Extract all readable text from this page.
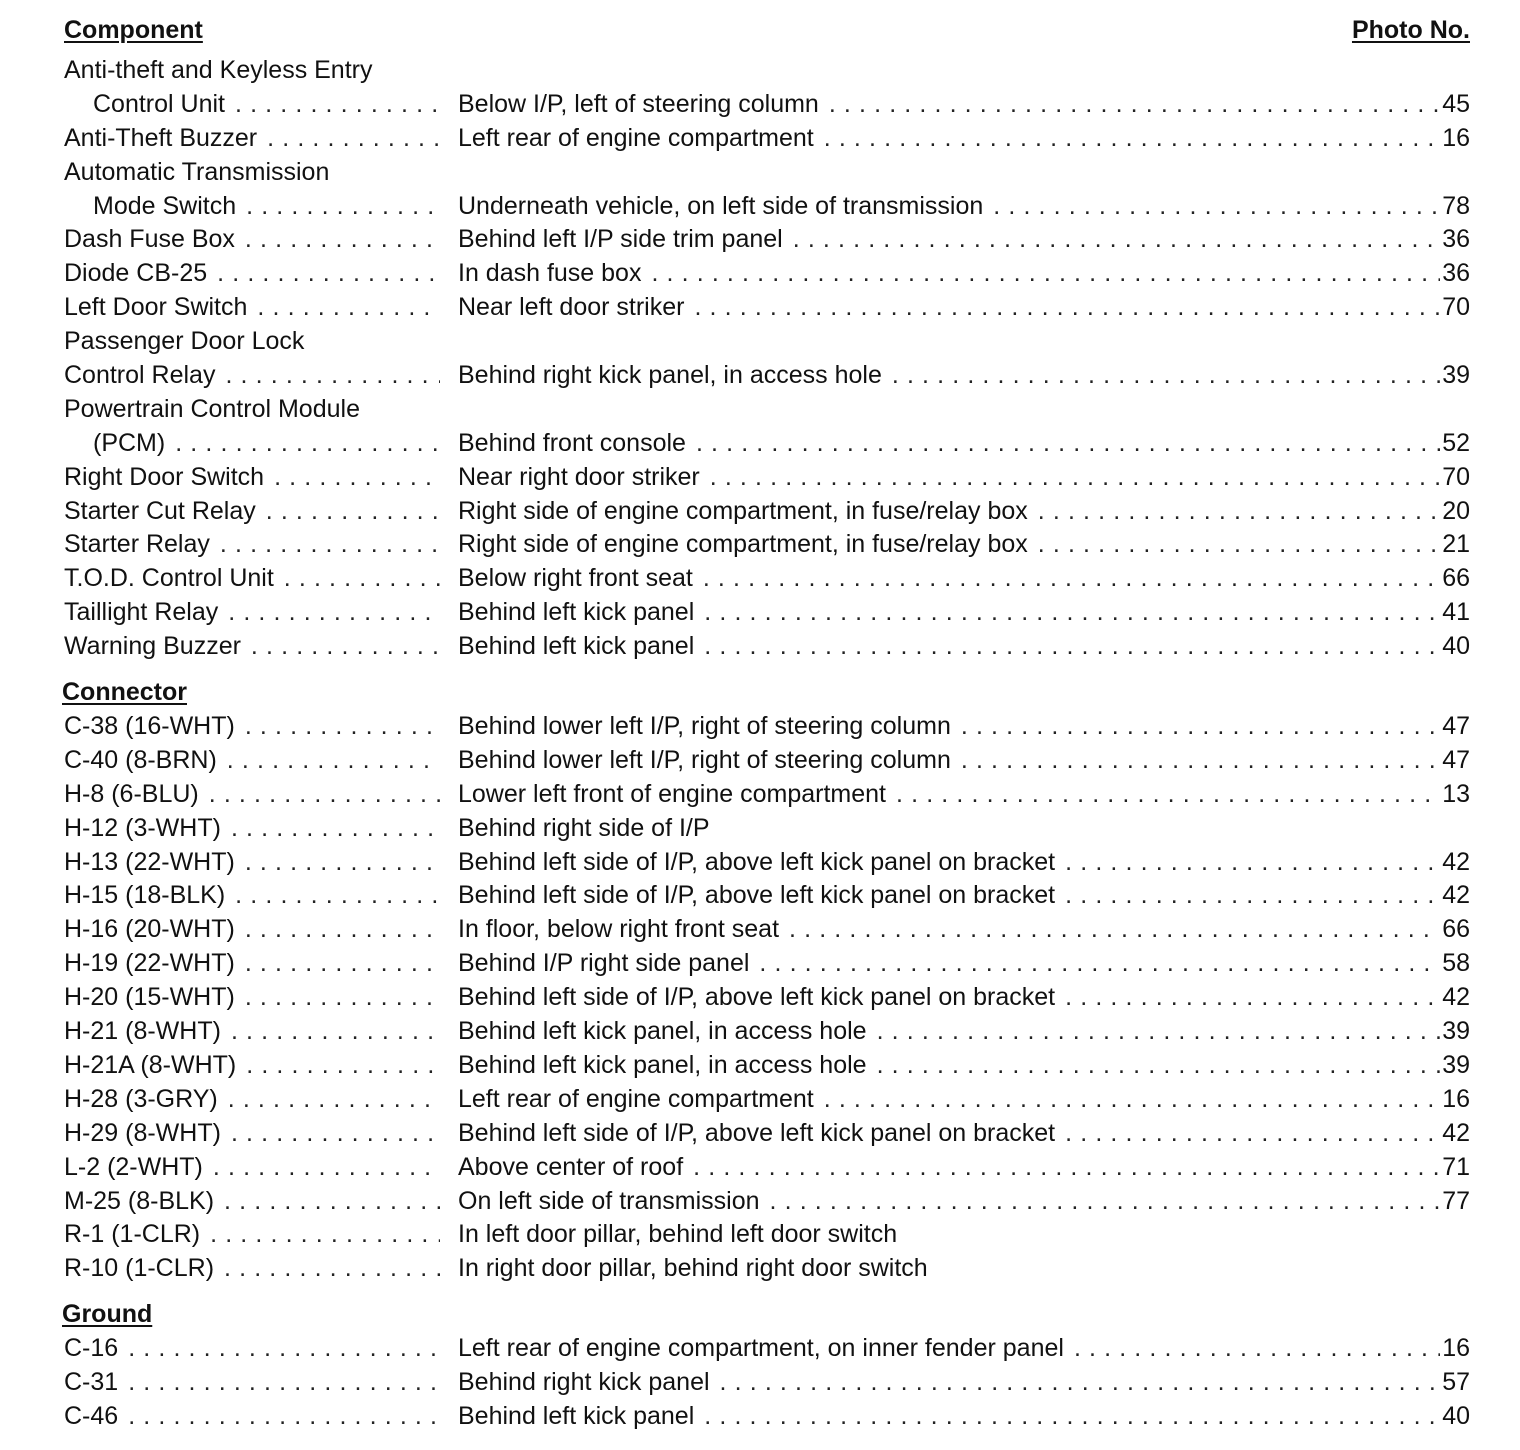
Component	Photo No.
Anti-theft and Keyless Entry
Control Unit . . .	Below I/P, left of steering column . . .	45
Anti-Theft Buzzer . . .	Left rear of engine compartment . . .	16
Automatic Transmission
Mode Switch . . .	Underneath vehicle, on left side of transmission . . .	78
Dash Fuse Box . . .	Behind left I/P side trim panel . . .	36
Diode CB-25 . . .	In dash fuse box . . .	36
Left Door Switch . . .	Near left door striker . . .	70
Passenger Door Lock
Control Relay . . .	Behind right kick panel, in access hole . . .	39
Powertrain Control Module
(PCM) . . .	Behind front console . . .	52
Right Door Switch . . .	Near right door striker . . .	70
Starter Cut Relay . . .	Right side of engine compartment, in fuse/relay box . . .	20
Starter Relay . . .	Right side of engine compartment, in fuse/relay box . . .	21
T.O.D. Control Unit . . .	Below right front seat . . .	66
Taillight Relay . . .	Behind left kick panel . . .	41
Warning Buzzer . . .	Behind left kick panel . . .	40
Connector
C-38 (16-WHT) . . .	Behind lower left I/P, right of steering column . . .	47
C-40 (8-BRN) . . .	Behind lower left I/P, right of steering column . . .	47
H-8 (6-BLU) . . .	Lower left front of engine compartment . . .	13
H-12 (3-WHT) . . .	Behind right side of I/P
H-13 (22-WHT) . . .	Behind left side of I/P, above left kick panel on bracket . . .	42
H-15 (18-BLK) . . .	Behind left side of I/P, above left kick panel on bracket . . .	42
H-16 (20-WHT) . . .	In floor, below right front seat . . .	66
H-19 (22-WHT) . . .	Behind I/P right side panel . . .	58
H-20 (15-WHT) . . .	Behind left side of I/P, above left kick panel on bracket . . .	42
H-21 (8-WHT) . . .	Behind left kick panel, in access hole . . .	39
H-21A (8-WHT) . . .	Behind left kick panel, in access hole . . .	39
H-28 (3-GRY) . . .	Left rear of engine compartment . . .	16
H-29 (8-WHT) . . .	Behind left side of I/P, above left kick panel on bracket . . .	42
L-2 (2-WHT) . . .	Above center of roof . . .	71
M-25 (8-BLK) . . .	On left side of transmission . . .	77
R-1 (1-CLR) . . .	In left door pillar, behind left door switch
R-10 (1-CLR) . . .	In right door pillar, behind right door switch
Ground
C-16 . . .	Left rear of engine compartment, on inner fender panel . . .	16
C-31 . . .	Behind right kick panel . . .	57
C-46 . . .	Behind left kick panel . . .	40
